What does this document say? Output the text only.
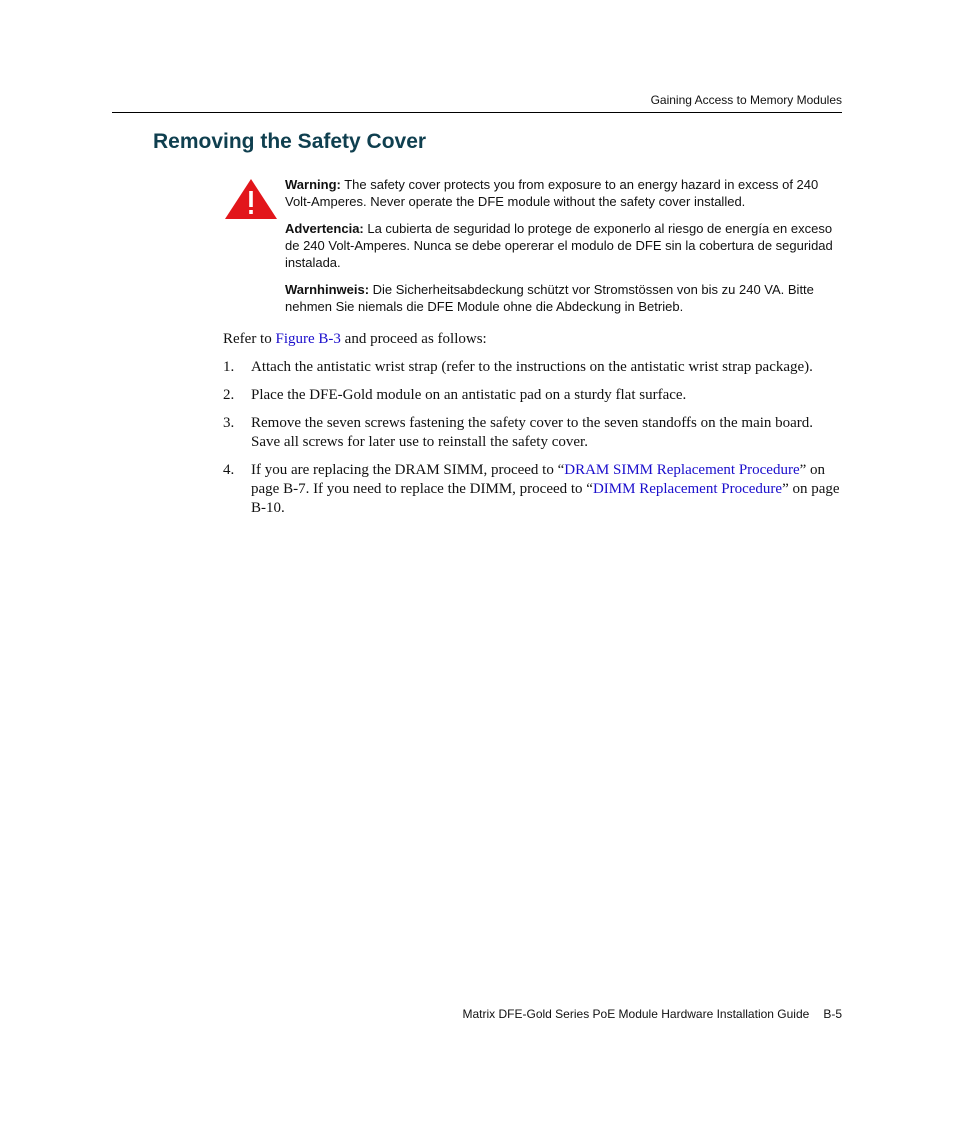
Gaining Access to Memory Modules
Removing the Safety Cover

Warning: The safety cover protects you from exposure to an energy hazard in excess of 240 Volt-Amperes. Never operate the DFE module without the safety cover installed.

Advertencia: La cubierta de seguridad lo protege de exponerlo al riesgo de energía en exceso de 240 Volt-Amperes. Nunca se debe opererar el modulo de DFE sin la cobertura de seguridad instalada.

Warnhinweis: Die Sicherheitsabdeckung schützt vor Stromstössen von bis zu 240 VA. Bitte nehmen Sie niemals die DFE Module ohne die Abdeckung in Betrieb.

Refer to Figure B-3 and proceed as follows:

1. Attach the antistatic wrist strap (refer to the instructions on the antistatic wrist strap package).
2. Place the DFE-Gold module on an antistatic pad on a sturdy flat surface.
3. Remove the seven screws fastening the safety cover to the seven standoffs on the main board. Save all screws for later use to reinstall the safety cover.
4. If you are replacing the DRAM SIMM, proceed to “DRAM SIMM Replacement Procedure” on page B-7. If you need to replace the DIMM, proceed to “DIMM Replacement Procedure” on page B-10.
Matrix DFE-Gold Series PoE Module Hardware Installation Guide B-5
